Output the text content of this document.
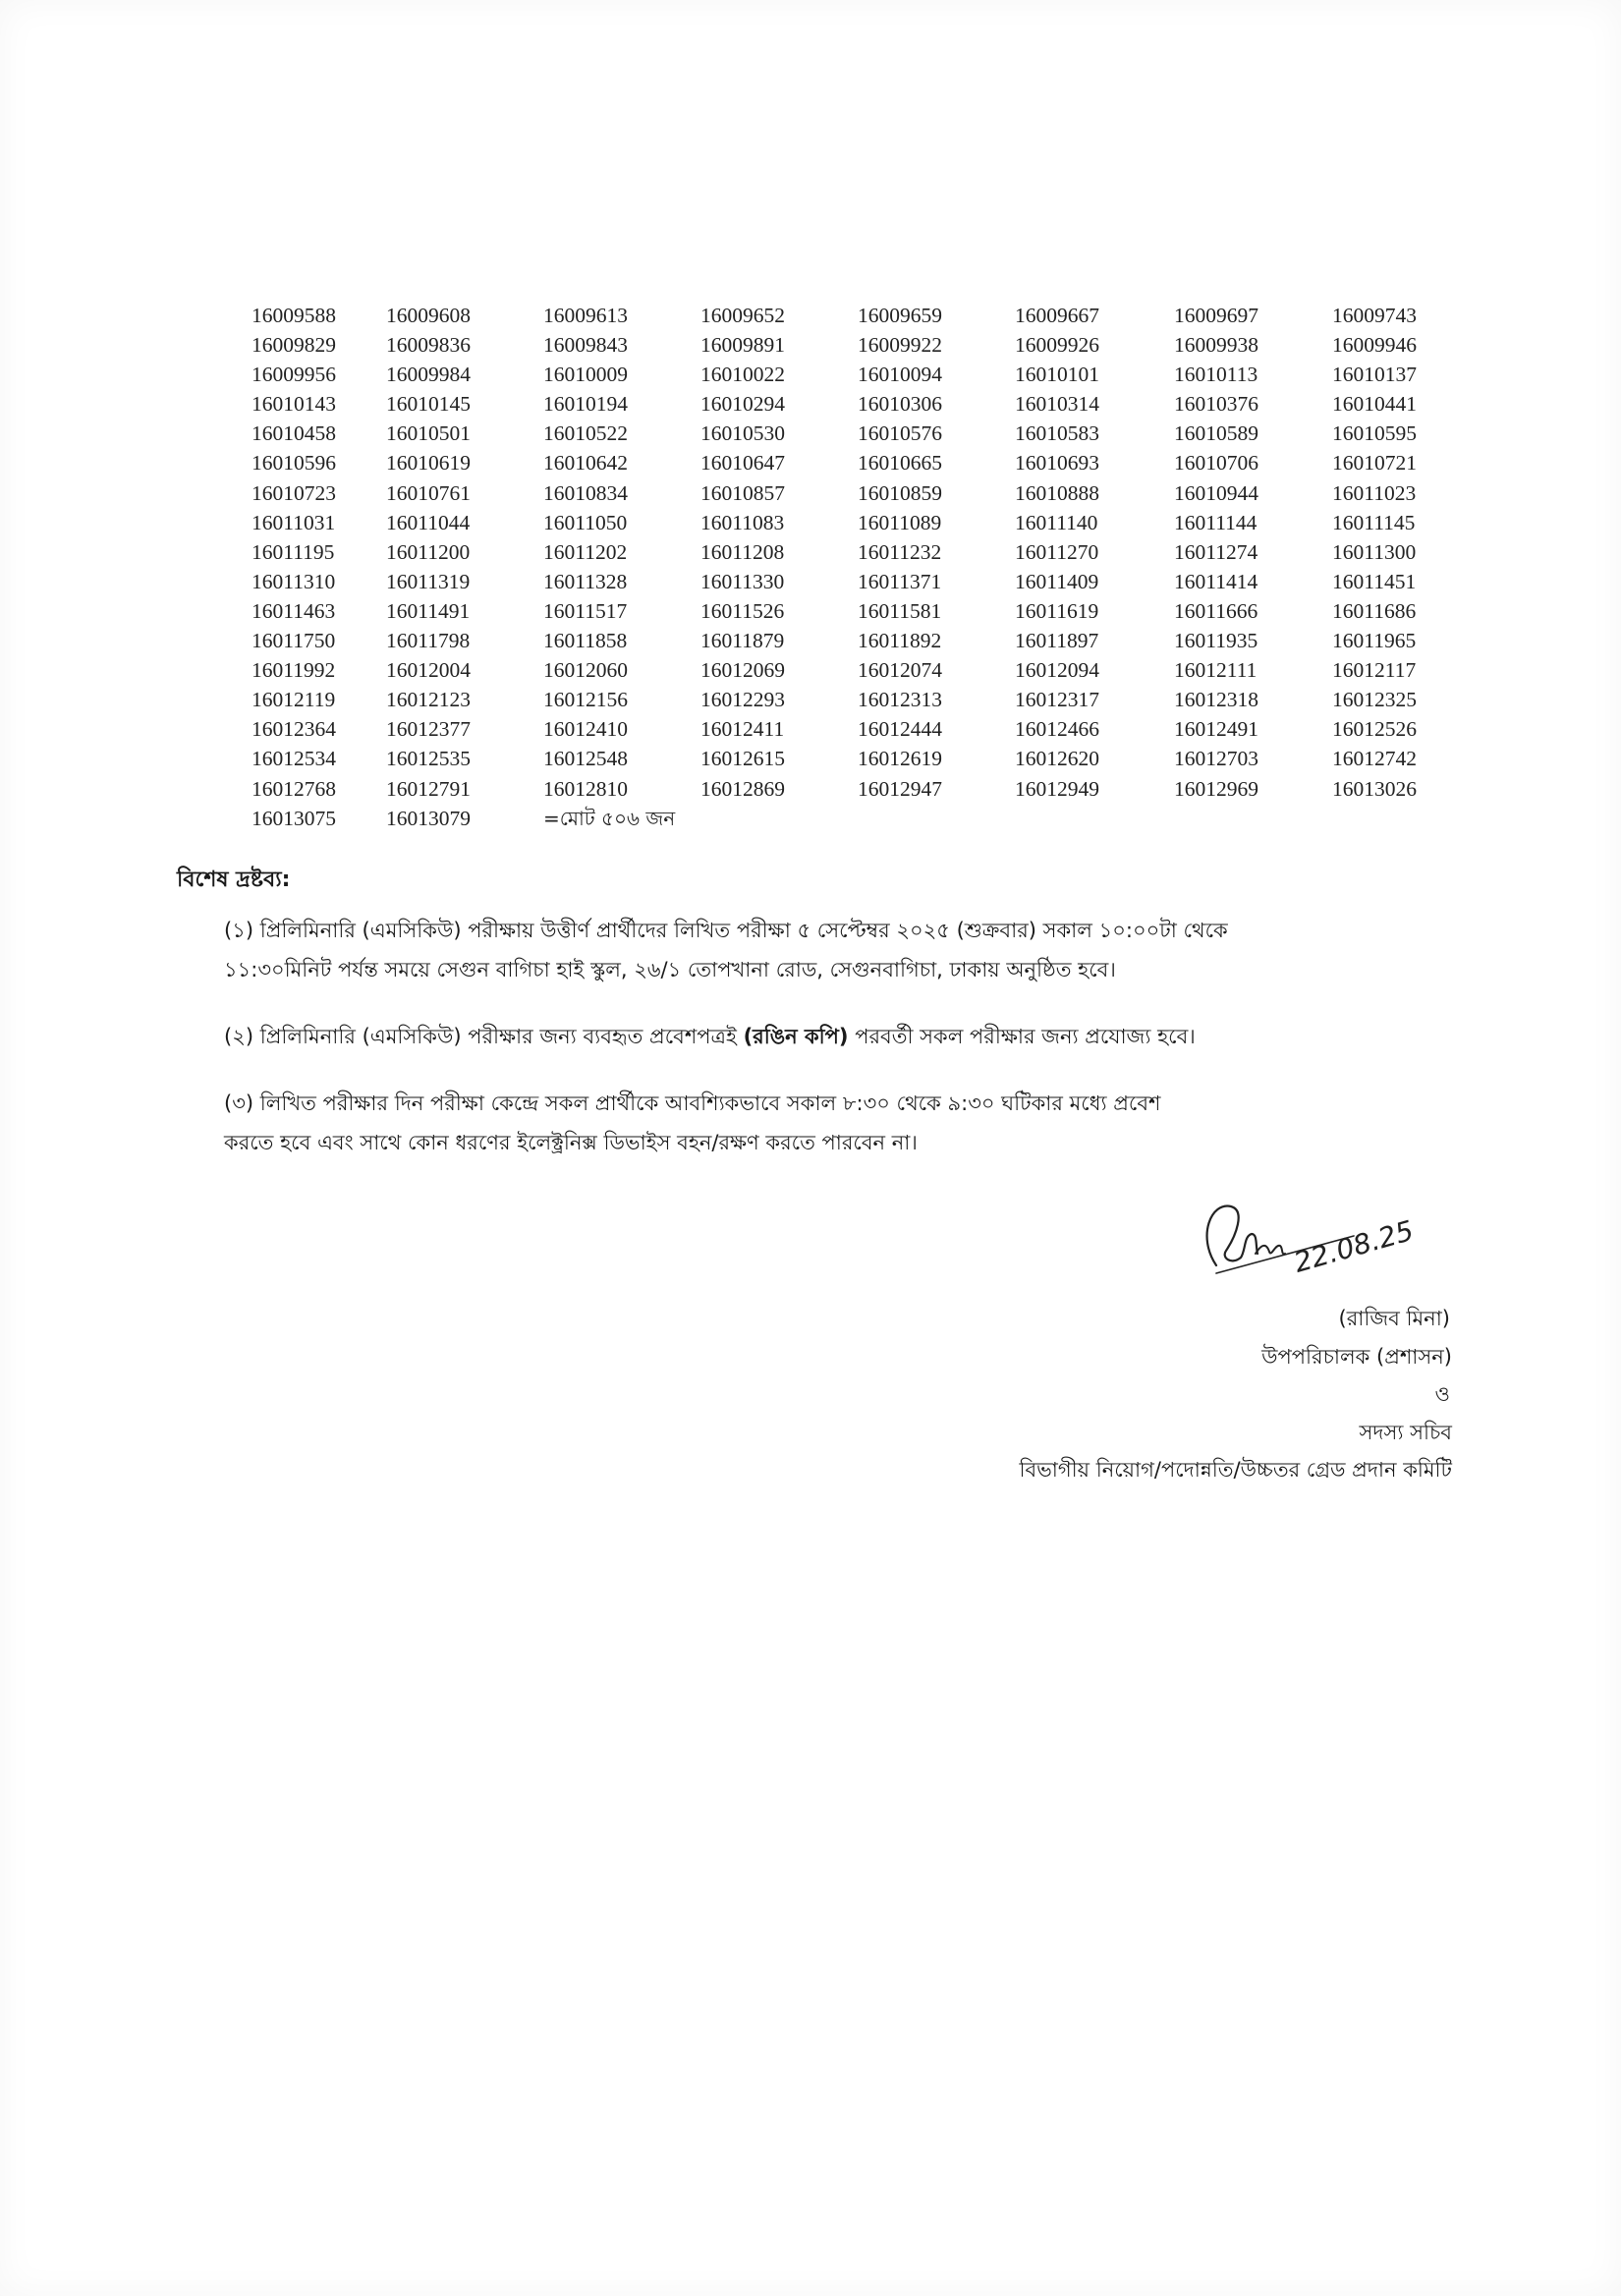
16009588	16009608	16009613	16009652	16009659	16009667	16009697	16009743
16009829	16009836	16009843	16009891	16009922	16009926	16009938	16009946
16009956	16009984	16010009	16010022	16010094	16010101	16010113	16010137
16010143	16010145	16010194	16010294	16010306	16010314	16010376	16010441
16010458	16010501	16010522	16010530	16010576	16010583	16010589	16010595
16010596	16010619	16010642	16010647	16010665	16010693	16010706	16010721
16010723	16010761	16010834	16010857	16010859	16010888	16010944	16011023
16011031	16011044	16011050	16011083	16011089	16011140	16011144	16011145
16011195	16011200	16011202	16011208	16011232	16011270	16011274	16011300
16011310	16011319	16011328	16011330	16011371	16011409	16011414	16011451
16011463	16011491	16011517	16011526	16011581	16011619	16011666	16011686
16011750	16011798	16011858	16011879	16011892	16011897	16011935	16011965
16011992	16012004	16012060	16012069	16012074	16012094	16012111	16012117
16012119	16012123	16012156	16012293	16012313	16012317	16012318	16012325
16012364	16012377	16012410	16012411	16012444	16012466	16012491	16012526
16012534	16012535	16012548	16012615	16012619	16012620	16012703	16012742
16012768	16012791	16012810	16012869	16012947	16012949	16012969	16013026
16013075	16013079	=মোট ৫০৬ জন
বিশেষ দ্রষ্টব্য:
(১) প্রিলিমিনারি (এমসিকিউ) পরীক্ষায় উত্তীর্ণ প্রার্থীদের লিখিত পরীক্ষা ৫ সেপ্টেম্বর ২০২৫ (শুক্রবার) সকাল ১০:০০টা থেকে
১১:৩০মিনিট পর্যন্ত সময়ে সেগুন বাগিচা হাই স্কুল, ২৬/১ তোপখানা রোড, সেগুনবাগিচা, ঢাকায় অনুষ্ঠিত হবে।
(২) প্রিলিমিনারি (এমসিকিউ) পরীক্ষার জন্য ব্যবহৃত প্রবেশপত্রই (রঙিন কপি) পরবর্তী সকল পরীক্ষার জন্য প্রযোজ্য হবে।
(৩) লিখিত পরীক্ষার দিন পরীক্ষা কেন্দ্রে সকল প্রার্থীকে আবশ্যিকভাবে সকাল ৮:৩০ থেকে ৯:৩০ ঘটিকার মধ্যে প্রবেশ
করতে হবে এবং সাথে কোন ধরণের ইলেক্ট্রনিক্স ডিভাইস বহন/রক্ষণ করতে পারবেন না।
22.08.25
(রাজিব মিনা)
উপপরিচালক (প্রশাসন)
ও
সদস্য সচিব
বিভাগীয় নিয়োগ/পদোন্নতি/উচ্চতর গ্রেড প্রদান কমিটি
